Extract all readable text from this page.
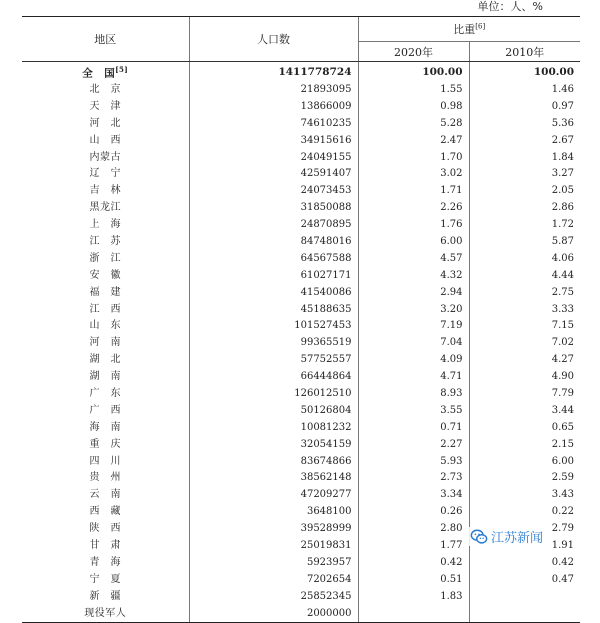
单位：人、%
地区	人口数	比重[6]
		2020年	2010年
全　国[5]	1411778724	100.00	100.00
北　京	21893095	1.55	1.46
天　津	13866009	0.98	0.97
河　北	74610235	5.28	5.36
山　西	34915616	2.47	2.67
内蒙古	24049155	1.70	1.84
辽　宁	42591407	3.02	3.27
吉　林	24073453	1.71	2.05
黑龙江	31850088	2.26	2.86
上　海	24870895	1.76	1.72
江　苏	84748016	6.00	5.87
浙　江	64567588	4.57	4.06
安　徽	61027171	4.32	4.44
福　建	41540086	2.94	2.75
江　西	45188635	3.20	3.33
山　东	101527453	7.19	7.15
河　南	99365519	7.04	7.02
湖　北	57752557	4.09	4.27
湖　南	66444864	4.71	4.90
广　东	126012510	8.93	7.79
广　西	50126804	3.55	3.44
海　南	10081232	0.71	0.65
重　庆	32054159	2.27	2.15
四　川	83674866	5.93	6.00
贵　州	38562148	2.73	2.59
云　南	47209277	3.34	3.43
西　藏	3648100	0.26	0.22
陕　西	39528999	2.80	2.79
甘　肃	25019831	1.77	1.91
青　海	5923957	0.42	0.42
宁　夏	7202654	0.51	0.47
新　疆	25852345	1.83	
现役军人	2000000		
江苏新闻
